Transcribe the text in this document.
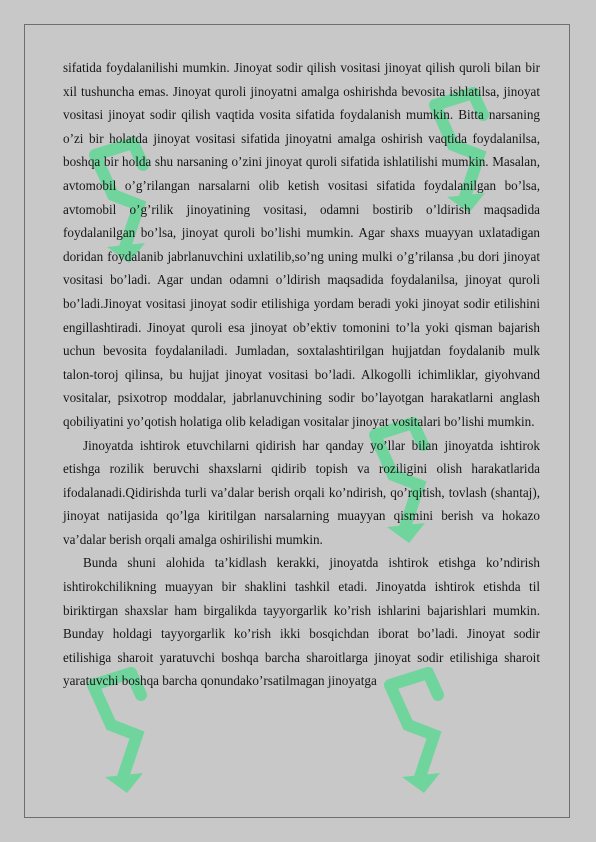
sifatida foydalanilishi mumkin. Jinoyat sodir qilish vositasi jinoyat qilish quroli bilan bir xil tushuncha emas. Jinoyat quroli jinoyatni amalga oshirishda bevosita ishlatilsa, jinoyat vositasi jinoyat sodir qilish vaqtida vosita sifatida foydalanish mumkin. Bitta narsaning o’zi bir holatda jinoyat vositasi sifatida jinoyatni amalga oshirish vaqtida foydalanilsa, boshqa bir holda shu narsaning o’zini jinoyat quroli sifatida ishlatilishi mumkin. Masalan, avtomobil o’g’rilangan narsalarni olib ketish vositasi sifatida foydalanilgan bo’lsa, avtomobil o’g’rilik jinoyatining vositasi, odamni bostirib o’ldirish maqsadida foydalanilgan bo’lsa, jinoyat quroli bo’lishi mumkin. Agar shaxs muayyan uxlatadigan doridan foydalanib jabrlanuvchini uxlatilib,so’ng uning mulki o’g’rilansa ,bu dori jinoyat vositasi bo’ladi. Agar undan odamni o’ldirish maqsadida foydalanilsa, jinoyat quroli bo’ladi.Jinoyat vositasi jinoyat sodir etilishiga yordam beradi yoki jinoyat sodir etilishini engillashtiradi. Jinoyat quroli esa jinoyat ob’ektiv tomonini to’la yoki qisman bajarish uchun bevosita foydalaniladi. Jumladan, soxtalashtirilgan hujjatdan foydalanib mulk talon-toroj qilinsa, bu hujjat jinoyat vositasi bo’ladi. Alkogolli ichimliklar, giyohvand vositalar, psixotrop moddalar, jabrlanuvchining sodir bo’layotgan harakatlarni anglash qobiliyatini yo’qotish holatiga olib keladigan vositalar jinoyat vositalari bo’lishi mumkin.

Jinoyatda ishtirok etuvchilarni qidirish har qanday yo’llar bilan jinoyatda ishtirok etishga rozilik beruvchi shaxslarni qidirib topish va roziligini olish harakatlarida ifodalanadi.Qidirishda turli va’dalar berish orqali ko’ndirish, qo’rqitish, tovlash (shantaj), jinoyat natijasida qo’lga kiritilgan narsalarning muayyan qismini berish va hokazo va’dalar berish orqali amalga oshirilishi mumkin.

Bunda shuni alohida ta’kidlash kerakki, jinoyatda ishtirok etishga ko’ndirish ishtirokchilikning muayyan bir shaklini tashkil etadi. Jinoyatda ishtirok etishda til biriktirgan shaxslar ham birgalikda tayyorgarlik ko’rish ishlarini bajarishlari mumkin. Bunday holdagi tayyorgarlik ko’rish ikki bosqichdan iborat bo’ladi. Jinoyat sodir etilishiga sharoit yaratuvchi boshqa barcha sharoitlarga jinoyat sodir etilishiga sharoit yaratuvchi boshqa barcha qonundako’rsatilmagan jinoyatga
